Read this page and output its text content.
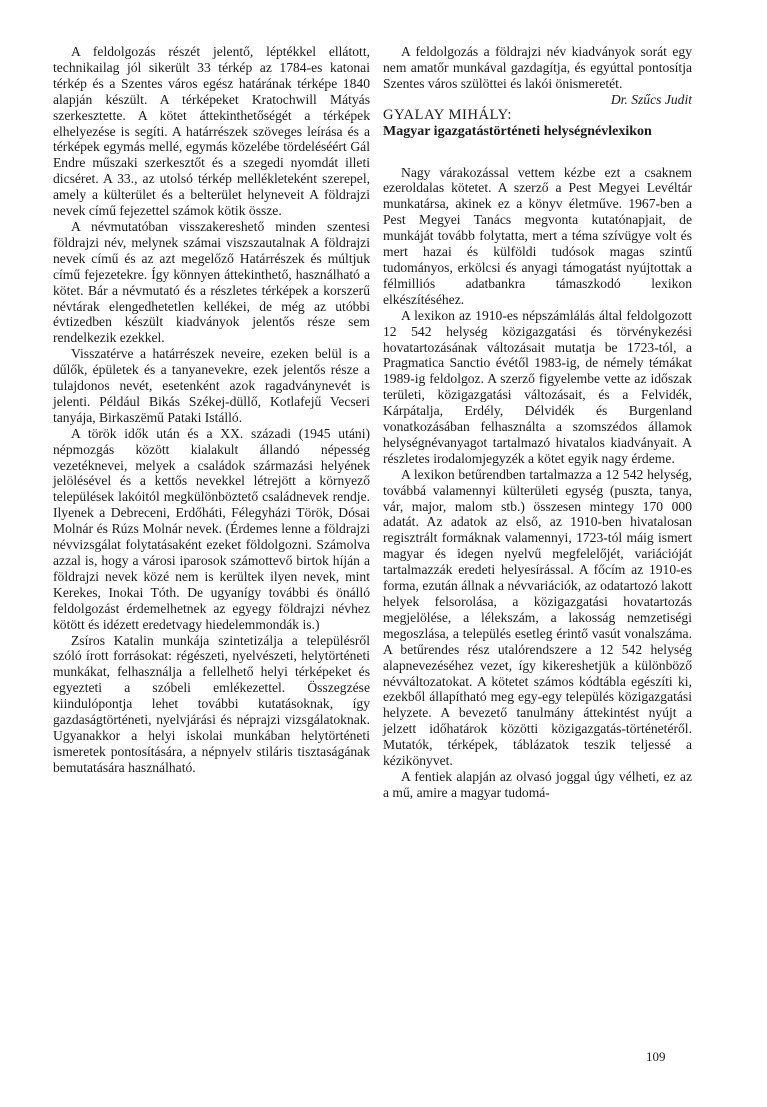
A feldolgozás részét jelentő, léptékkel ellátott, technikailag jól sikerült 33 térkép az 1784-es katonai térkép és a Szentes város egész határának térképe 1840 alapján készült. A térképeket Kratochwill Mátyás szerkesztette. A kötet áttekinthetőségét a térképek elhelyezése is segíti. A határrészek szöveges leírása és a térképek egymás mellé, egymás közelébe tördeléséért Gál Endre műszaki szerkesztőt és a szegedi nyomdát illeti dicséret. A 33., az utolsó térkép mellékleteként szerepel, amely a külterület és a belterület helyneveit A földrajzi nevek című fejezettel számok kötik össze.

A névmutatóban visszakereshető minden szentesi földrajzi név, melynek számai viszszautalnak A földrajzi nevek című és az azt megelőző Határrészek és múltjuk című fejezetekre. Így könnyen áttekinthető, használható a kötet. Bár a névmutató és a részletes térképek a korszerű névtárak elengedhetetlen kellékei, de még az utóbbi évtizedben készült kiadványok jelentős része sem rendelkezik ezekkel.

Visszatérve a határrészek neveire, ezeken belül is a dűlők, épületek és a tanyanevekre, ezek jelentős része a tulajdonos nevét, esetenként azok ragadványnevét is jelenti. Például Bikás Székej-düllő, Kotlafejű Vecseri tanyája, Birkaszëmű Pataki Istálló.

A török idők után és a XX. századi (1945 utáni) népmozgás között kialakult állandó népesség vezetéknevei, melyek a családok származási helyének jelölésével és a kettős nevekkel létrejött a környező települések lakóitól megkülönböztető családnevek rendje. Ilyenek a Debreceni, Erdőháti, Félegyházi Török, Dósai Molnár és Rúzs Molnár nevek. (Érdemes lenne a földrajzi névvizsgálat folytatásaként ezeket földolgozni. Számolva azzal is, hogy a városi iparosok számottevő birtok híján a földrajzi nevek közé nem is kerültek ilyen nevek, mint Kerekes, Inokai Tóth. De ugyanígy további és önálló feldolgozást érdemelhetnek az egyegy földrajzi névhez kötött és idézett eredetvagy hiedelemmondák is.)

Zsíros Katalin munkája szintetizálja a településről szóló írott forrásokat: régészeti, nyelvészeti, helytörténeti munkákat, felhasználja a fellelhető helyi térképeket és egyezteti a szóbeli emlékezettel. Összegzése kiindulópontja lehet további kutatásoknak, így gazdaságtörténeti, nyelvjárási és néprajzi vizsgálatoknak. Ugyanakkor a helyi iskolai munkában helytörténeti ismeretek pontosítására, a népnyelv stiláris tisztaságának bemutatására használható.

A feldolgozás a földrajzi név kiadványok sorát egy nem amatőr munkával gazdagítja, és egyúttal pontosítja Szentes város szülöttei és lakói önismeretét.

Dr. Szűcs Judit

GYALAY MIHÁLY:

Magyar igazgatástörténeti helységnévlexikon

Nagy várakozással vettem kézbe ezt a csaknem ezeroldalas kötetet. A szerző a Pest Megyei Levéltár munkatársa, akinek ez a könyv életműve. 1967-ben a Pest Megyei Tanács megvonta kutatónapjait, de munkáját tovább folytatta, mert a téma szívügye volt és mert hazai és külföldi tudósok magas szintű tudományos, erkölcsi és anyagi támogatást nyújtottak a félmilliós adatbankra támaszkodó lexikon elkészítéséhez.

A lexikon az 1910-es népszámlálás által feldolgozott 12 542 helység közigazgatási és törvénykezési hovatartozásának változásait mutatja be 1723-tól, a Pragmatica Sanctio évétől 1983-ig, de némely témákat 1989-ig feldolgoz. A szerző figyelembe vette az időszak területi, közigazgatási változásait, és a Felvidék, Kárpátalja, Erdély, Délvidék és Burgenland vonatkozásában felhasználta a szomszédos államok helységnévanyagot tartalmazó hivatalos kiadványait. A részletes irodalomjegyzék a kötet egyik nagy érdeme.

A lexikon betűrendben tartalmazza a 12 542 helység, továbbá valamennyi külterületi egység (puszta, tanya, vár, major, malom stb.) összesen mintegy 170 000 adatát. Az adatok az első, az 1910-ben hivatalosan regisztrált formáknak valamennyi, 1723-tól máig ismert magyar és idegen nyelvű megfelelőjét, variációját tartalmazzák eredeti helyesírással. A főcím az 1910-es forma, ezután állnak a névvariációk, az odatartozó lakott helyek felsorolása, a közigazgatási hovatartozás megjelölése, a lélekszám, a lakosság nemzetiségi megoszlása, a település esetleg érintő vasút vonalszáma. A betűrendes rész utalórendszere a 12 542 helység alapnevezéséhez vezet, így kikereshetjük a különböző névváltozatokat. A kötetet számos kódtábla egészíti ki, ezekből állapítható meg egy-egy település közigazgatási helyzete. A bevezető tanulmány áttekintést nyújt a jelzett időhatárok közötti közigazgatás-történetéről. Mutatók, térképek, táblázatok teszik teljessé a kézikönyvet.

A fentiek alapján az olvasó joggal úgy vélheti, ez az a mű, amire a magyar tudomá-

109
